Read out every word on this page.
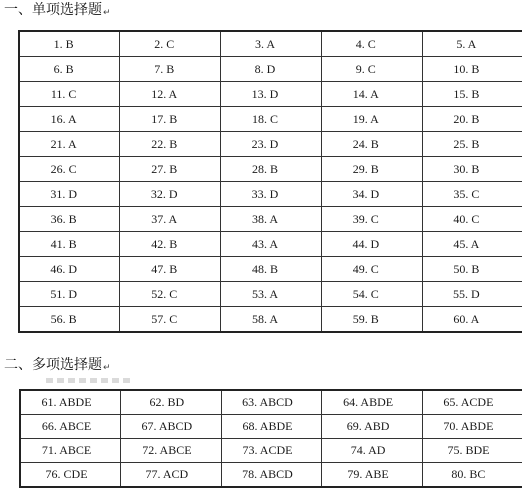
一、单项选择题↵
1. B	2. C	3. A	4. C	5. A
6. B	7. B	8. D	9. C	10. B
11. C	12. A	13. D	14. A	15. B
16. A	17. B	18. C	19. A	20. B
21. A	22. B	23. D	24. B	25. B
26. C	27. B	28. B	29. B	30. B
31. D	32. D	33. D	34. D	35. C
36. B	37. A	38. A	39. C	40. C
41. B	42. B	43. A	44. D	45. A
46. D	47. B	48. B	49. C	50. B
51. D	52. C	53. A	54. C	55. D
56. B	57. C	58. A	59. B	60. A
二、多项选择题↵
61. ABDE	62. BD	63. ABCD	64. ABDE	65. ACDE
66. ABCE	67. ABCD	68. ABDE	69. ABD	70. ABDE
71. ABCE	72. ABCE	73. ACDE	74. AD	75. BDE
76. CDE	77. ACD	78. ABCD	79. ABE	80. BC
